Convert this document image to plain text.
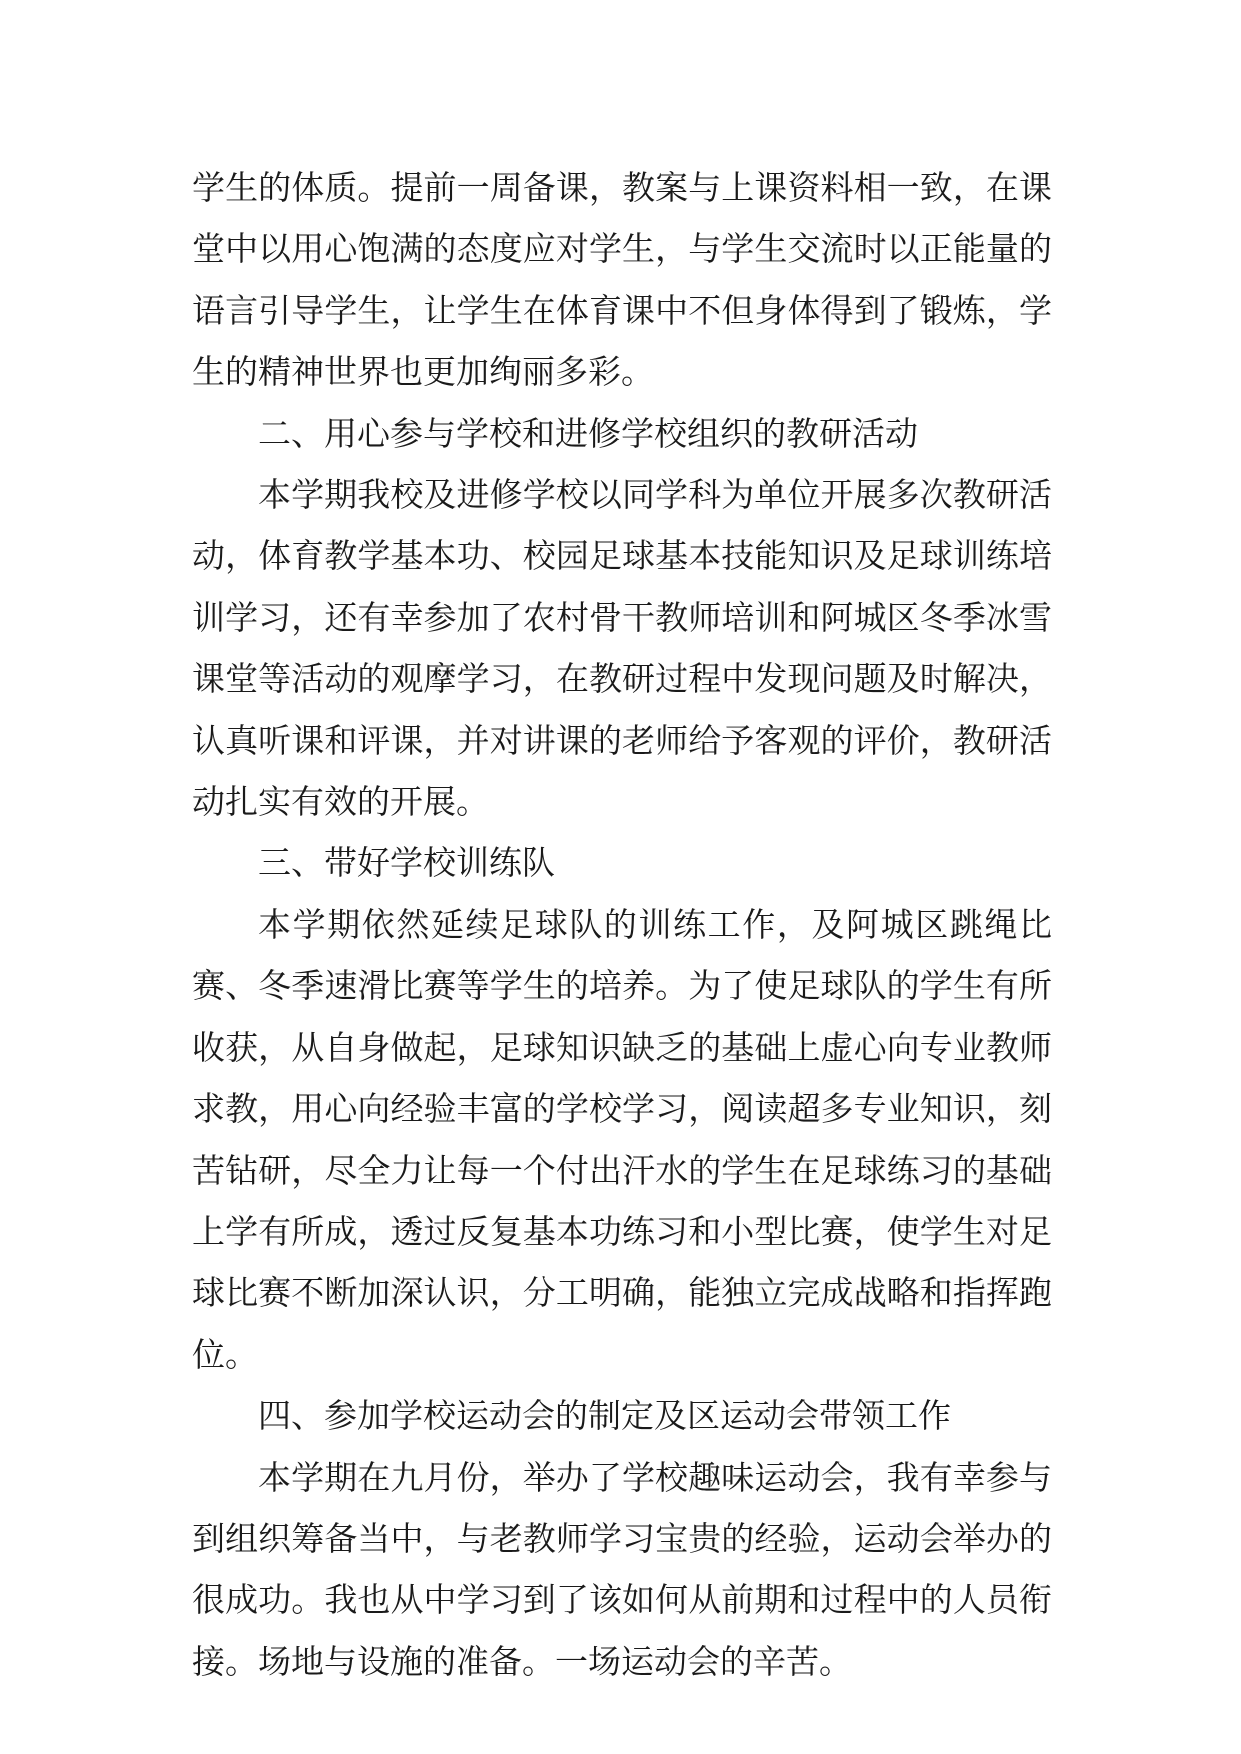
学生的体质。提前一周备课，教案与上课资料相一致，在课堂中以用心饱满的态度应对学生，与学生交流时以正能量的语言引导学生，让学生在体育课中不但身体得到了锻炼，学生的精神世界也更加绚丽多彩。

二、用心参与学校和进修学校组织的教研活动

本学期我校及进修学校以同学科为单位开展多次教研活动，体育教学基本功、校园足球基本技能知识及足球训练培训学习，还有幸参加了农村骨干教师培训和阿城区冬季冰雪课堂等活动的观摩学习，在教研过程中发现问题及时解决，认真听课和评课，并对讲课的老师给予客观的评价，教研活动扎实有效的开展。

三、带好学校训练队

本学期依然延续足球队的训练工作，及阿城区跳绳比赛、冬季速滑比赛等学生的培养。为了使足球队的学生有所收获，从自身做起，足球知识缺乏的基础上虚心向专业教师求教，用心向经验丰富的学校学习，阅读超多专业知识，刻苦钻研，尽全力让每一个付出汗水的学生在足球练习的基础上学有所成，透过反复基本功练习和小型比赛，使学生对足球比赛不断加深认识，分工明确，能独立完成战略和指挥跑位。

四、参加学校运动会的制定及区运动会带领工作

本学期在九月份，举办了学校趣味运动会，我有幸参与到组织筹备当中，与老教师学习宝贵的经验，运动会举办的很成功。我也从中学习到了该如何从前期和过程中的人员衔接。场地与设施的准备。一场运动会的辛苦。
